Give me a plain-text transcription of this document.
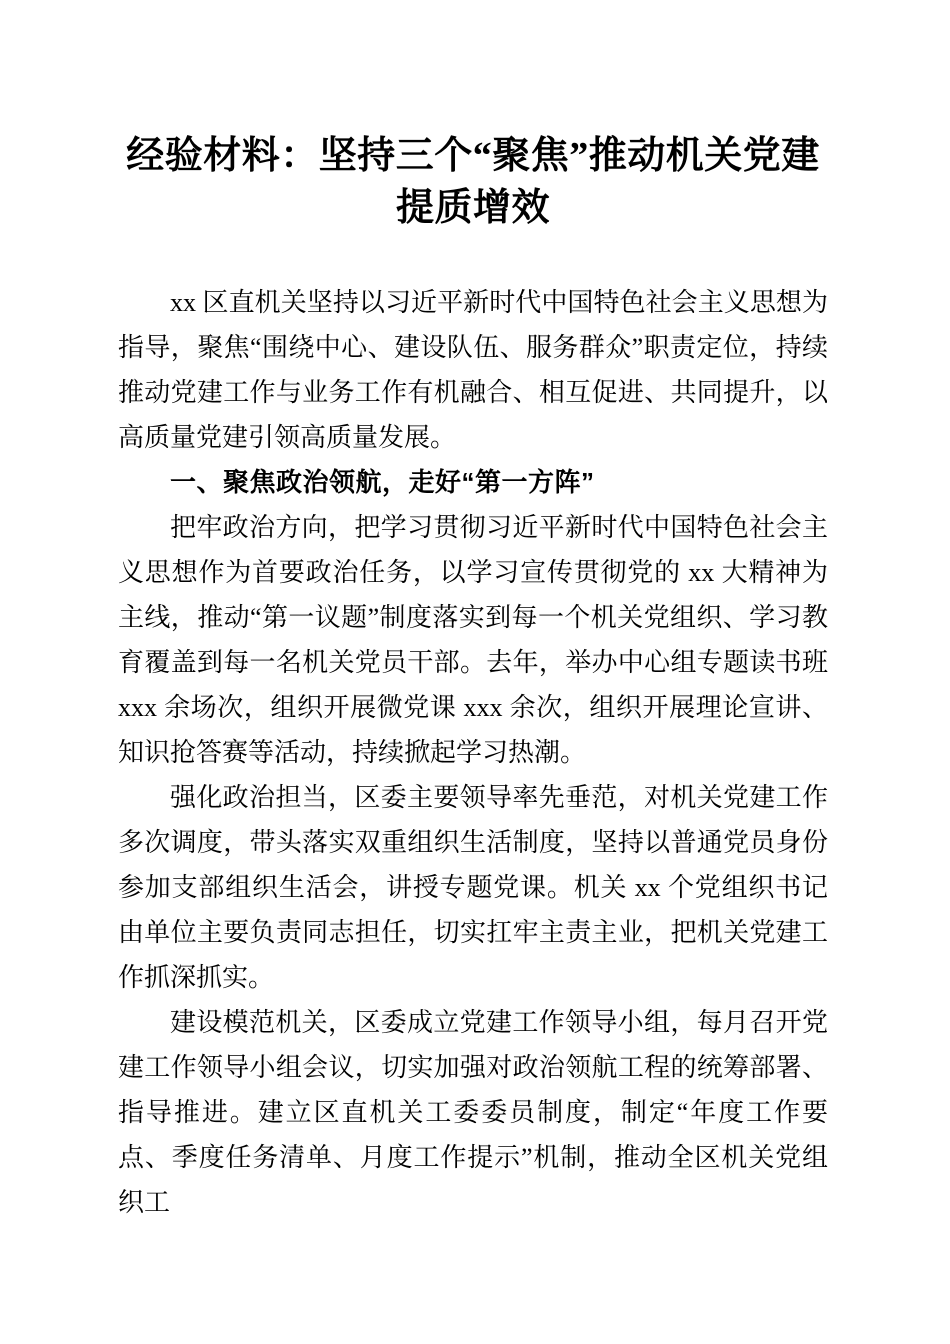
经验材料：坚持三个“聚焦”推动机关党建提质增效

xx 区直机关坚持以习近平新时代中国特色社会主义思想为指导，聚焦“围绕中心、建设队伍、服务群众”职责定位，持续推动党建工作与业务工作有机融合、相互促进、共同提升，以高质量党建引领高质量发展。

一、聚焦政治领航，走好“第一方阵”

把牢政治方向，把学习贯彻习近平新时代中国特色社会主义思想作为首要政治任务，以学习宣传贯彻党的 xx 大精神为主线，推动“第一议题”制度落实到每一个机关党组织、学习教育覆盖到每一名机关党员干部。去年，举办中心组专题读书班 xxx 余场次，组织开展微党课 xxx 余次，组织开展理论宣讲、知识抢答赛等活动，持续掀起学习热潮。

强化政治担当，区委主要领导率先垂范，对机关党建工作多次调度，带头落实双重组织生活制度，坚持以普通党员身份参加支部组织生活会，讲授专题党课。机关 xx 个党组织书记由单位主要负责同志担任，切实扛牢主责主业，把机关党建工作抓深抓实。

建设模范机关，区委成立党建工作领导小组，每月召开党建工作领导小组会议，切实加强对政治领航工程的统筹部署、指导推进。建立区直机关工委委员制度，制定“年度工作要点、季度任务清单、月度工作提示”机制，推动全区机关党组织工
